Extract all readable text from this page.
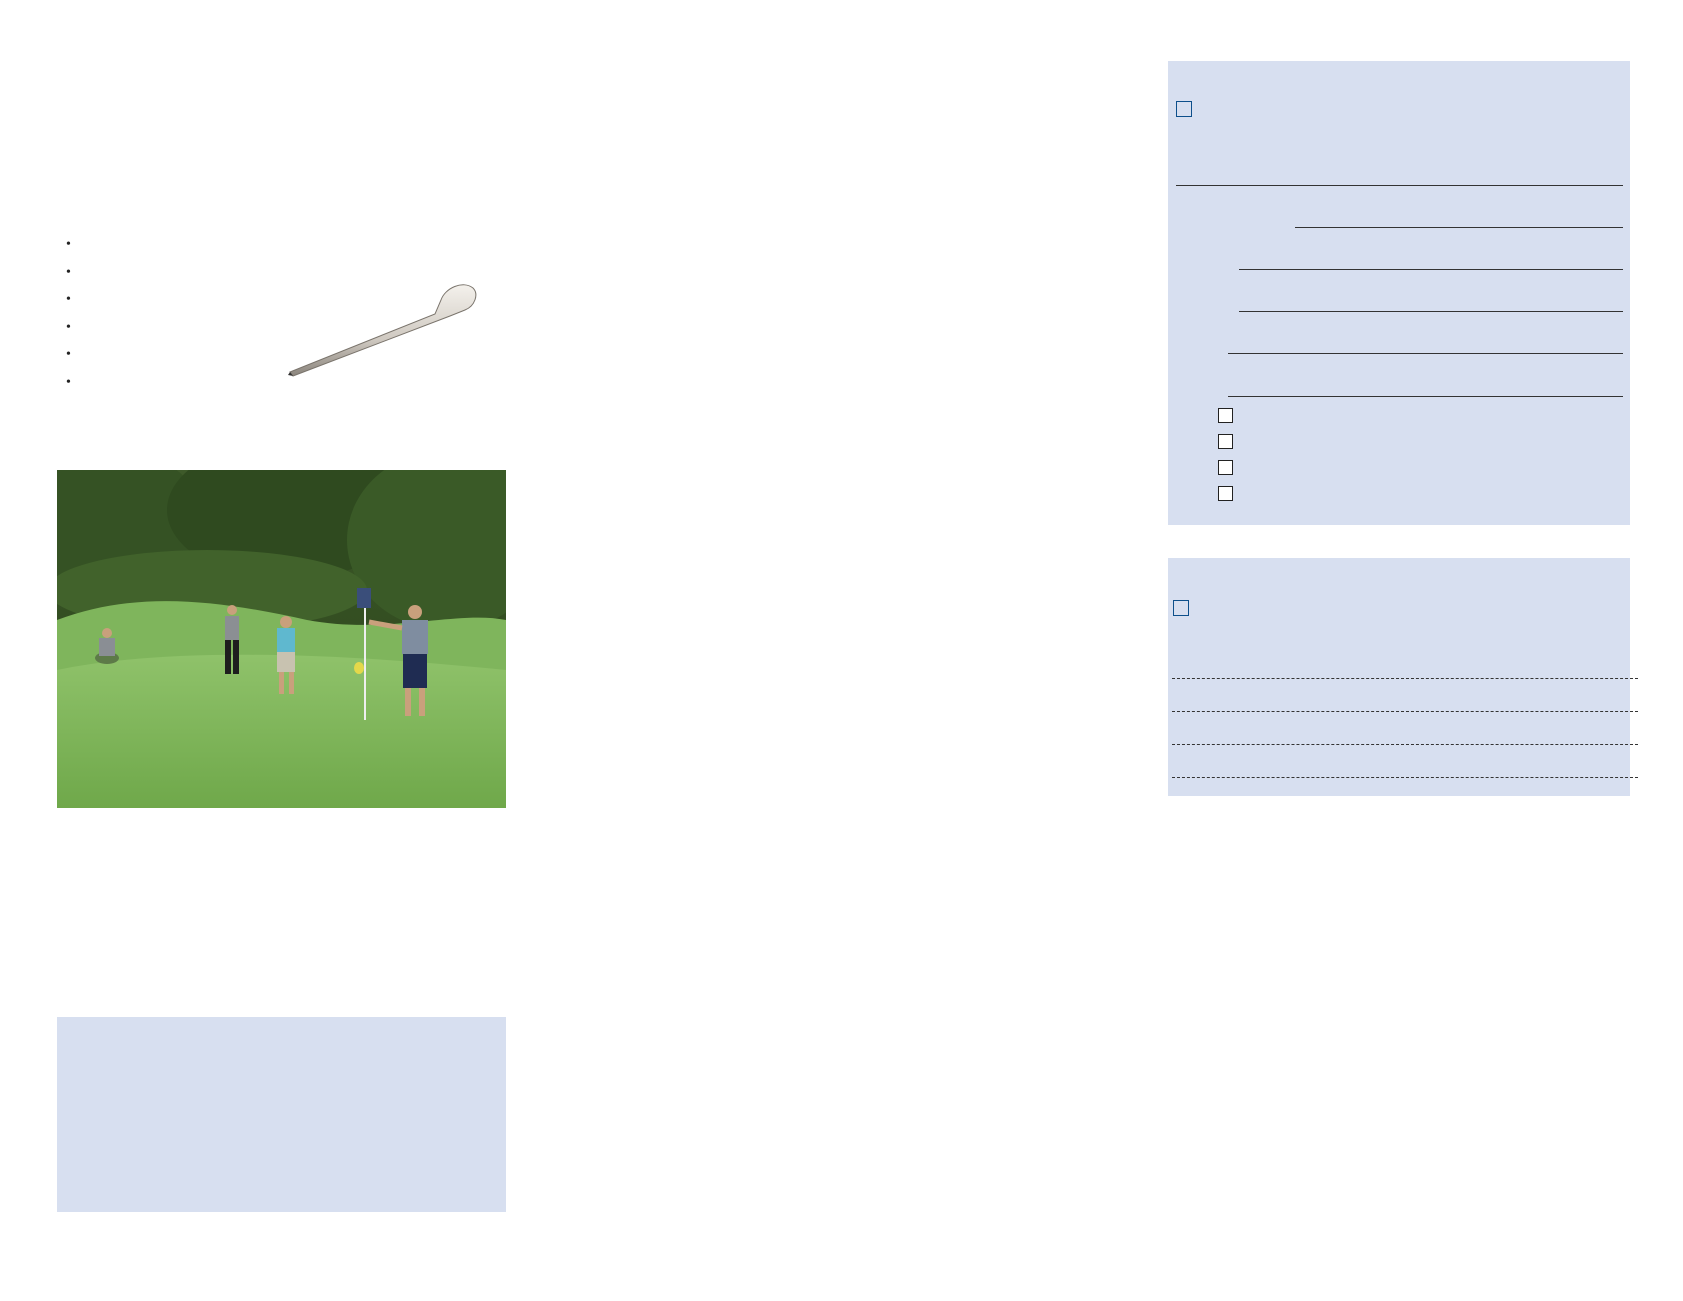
•
•
•
•
•
•
